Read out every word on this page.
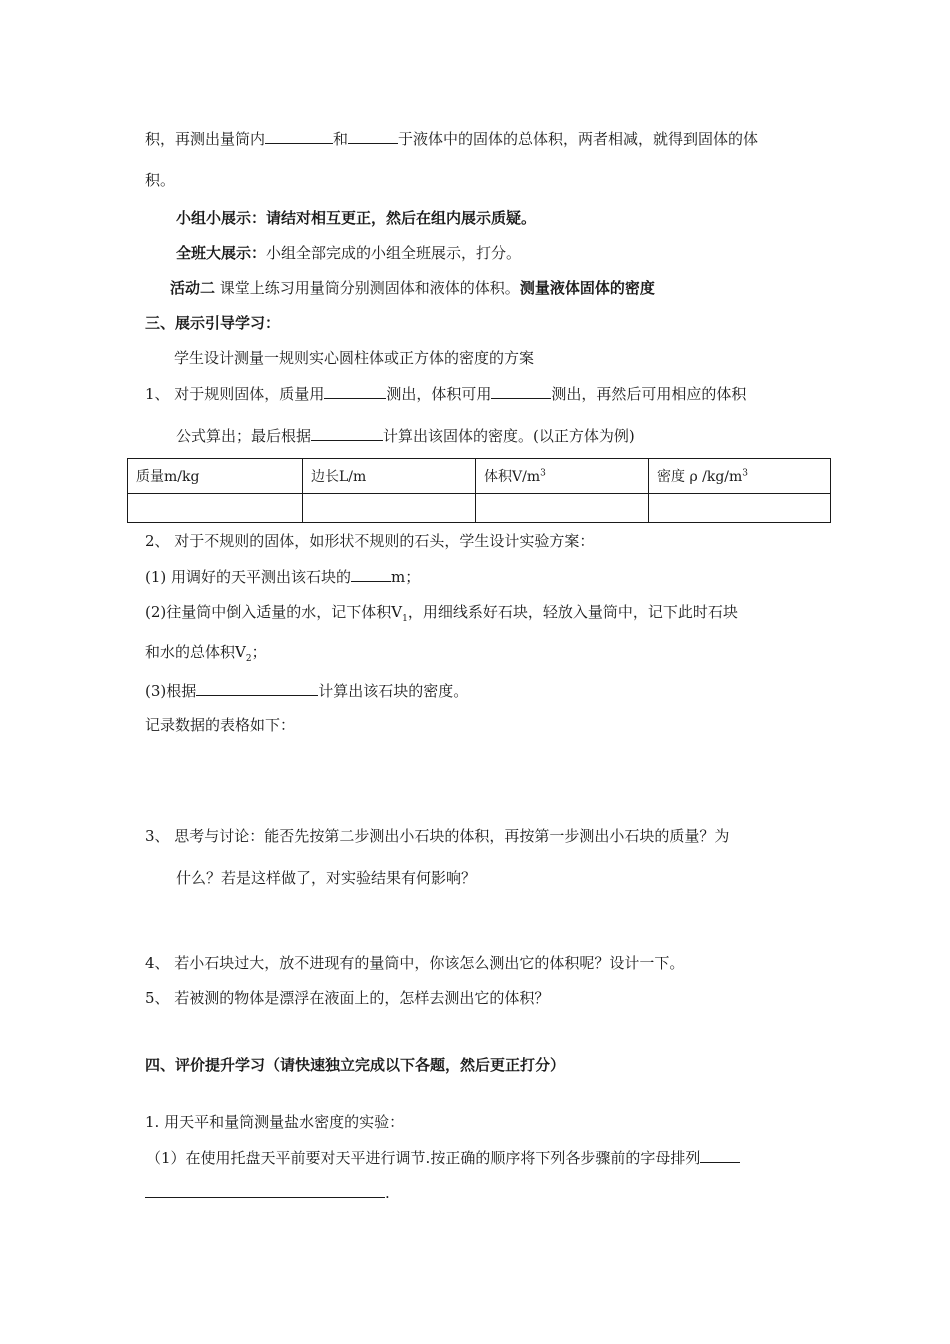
积，再测出量筒内	和	于液体中的固体的总体积，两者相减，就得到固体的体
积。
小组小展示：请结对相互更正，然后在组内展示质疑。
全班大展示：小组全部完成的小组全班展示，打分。
活动二 课堂上练习用量筒分别测固体和液体的体积。测量液体固体的密度
三、展示引导学习：
学生设计测量一规则实心圆柱体或正方体的密度的方案
1、 对于规则固体，质量用	测出，体积可用	测出，再然后可用相应的体积
公式算出；最后根据	计算出该固体的密度。(以正方体为例)
质量m/kg	边长L/m	体积$V/m^3$	密度 ρ $/kg/m^3$

2、 对于不规则的固体，如形状不规则的石头，学生设计实验方案：
(1) 用调好的天平测出该石块的	m；
(2)往量筒中倒入适量的水，记下体积$V_1$，用细线系好石块，轻放入量筒中，记下此时石块
和水的总体积$V_2$；
(3)根据	计算出该石块的密度。
记录数据的表格如下：
3、 思考与讨论：能否先按第二步测出小石块的体积，再按第一步测出小石块的质量？为
什么？若是这样做了，对实验结果有何影响？
4、 若小石块过大，放不进现有的量筒中，你该怎么测出它的体积呢？设计一下。
5、 若被测的物体是漂浮在液面上的，怎样去测出它的体积？
四、评价提升学习（请快速独立完成以下各题，然后更正打分）
1. 用天平和量筒测量盐水密度的实验：
（1）在使用托盘天平前要对天平进行调节.按正确的顺序将下列各步骤前的字母排列
.
